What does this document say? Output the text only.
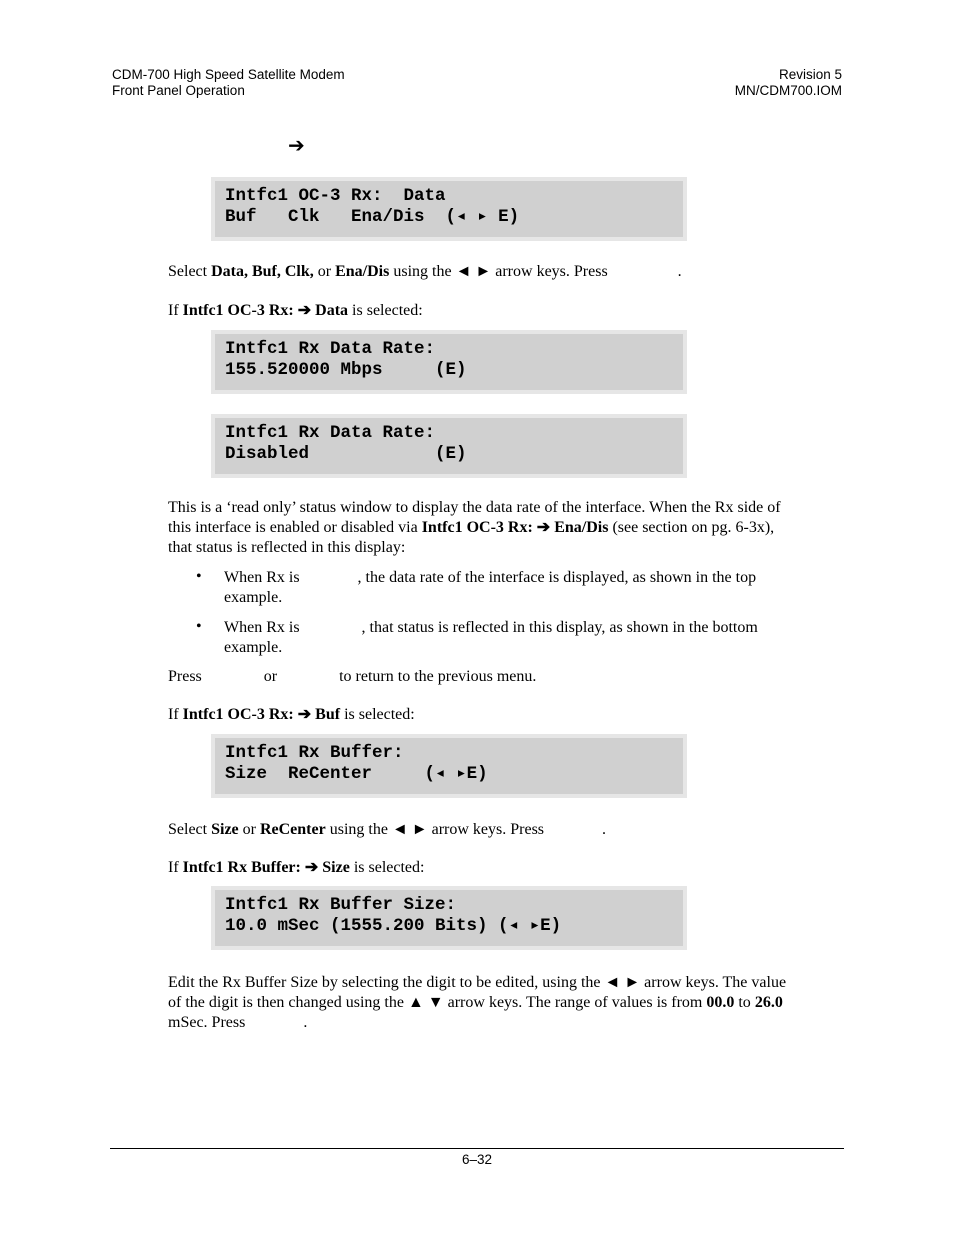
CDM-700 High Speed Satellite Modem
Front Panel Operation
Revision 5
MN/CDM700.IOM
➔
Intfc1 OC-3 Rx:  Data
Buf   Clk   Ena/Dis  (◂ ▸ E)
Select Data, Buf, Clk, or Ena/Dis using the ◄ ► arrow keys. Press	.
If Intfc1 OC-3 Rx: ➔ Data is selected:
Intfc1 Rx Data Rate:
155.520000 Mbps     (E)
Intfc1 Rx Data Rate:
Disabled            (E)
This is a ‘read only’ status window to display the data rate of the interface. When the Rx side of
this interface is enabled or disabled via Intfc1 OC-3 Rx: ➔ Ena/Dis (see section on pg. 6-3x),
that status is reflected in this display:
• When Rx is	, the data rate of the interface is displayed, as shown in the top
example.
• When Rx is	, that status is reflected in this display, as shown in the bottom
example.
Press	or	to return to the previous menu.
If Intfc1 OC-3 Rx: ➔ Buf is selected:
Intfc1 Rx Buffer:
Size  ReCenter     (◂ ▸E)
Select Size or ReCenter using the ◄ ► arrow keys. Press	.
If Intfc1 Rx Buffer: ➔ Size is selected:
Intfc1 Rx Buffer Size:
10.0 mSec (1555.200 Bits) (◂ ▸E)
Edit the Rx Buffer Size by selecting the digit to be edited, using the ◄ ► arrow keys. The value
of the digit is then changed using the ▲ ▼ arrow keys. The range of values is from 00.0 to 26.0
mSec. Press	.
6–32
